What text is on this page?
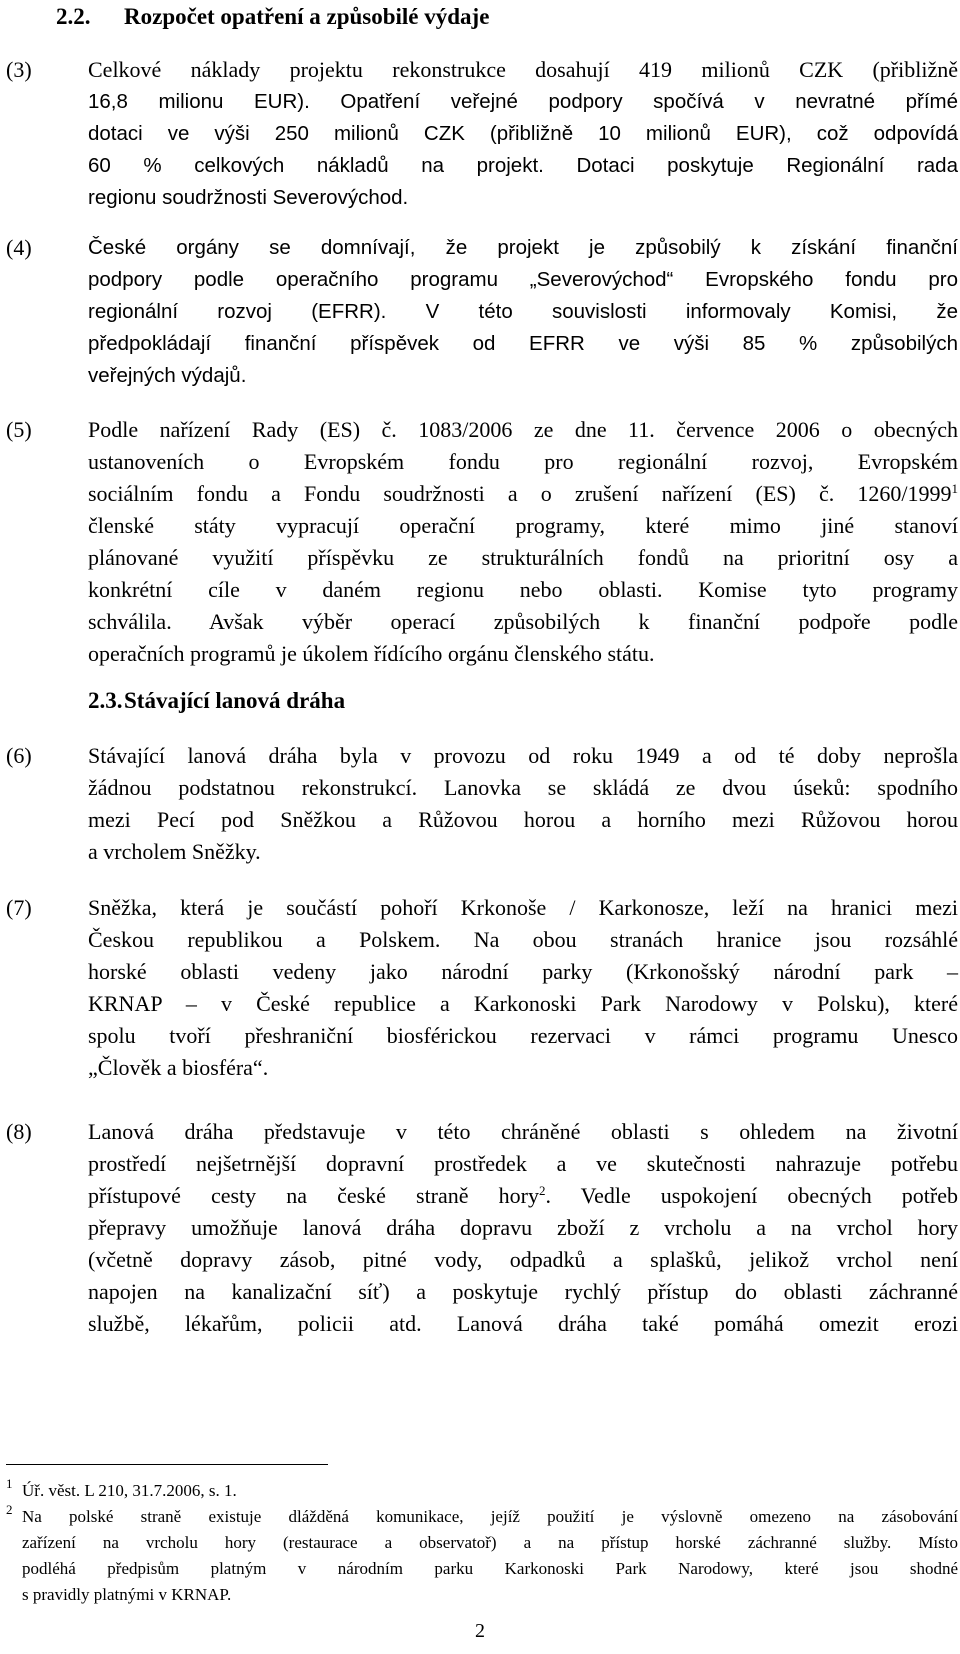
2.2. Rozpočet opatření a způsobilé výdaje
(3)	Celkové náklady projektu rekonstrukce dosahují 419 milionů CZK (přibližně
16,8 milionu EUR). Opatření veřejné podpory spočívá v nevratné přímé
dotaci ve výši 250 milionů CZK (přibližně 10 milionů EUR), což odpovídá
60 % celkových nákladů na projekt. Dotaci poskytuje Regionální rada
regionu soudržnosti Severovýchod.
(4)	České orgány se domnívají, že projekt je způsobilý k získání finanční
podpory podle operačního programu „Severovýchod“ Evropského fondu pro
regionální rozvoj (EFRR). V této souvislosti informovaly Komisi, že
předpokládají finanční příspěvek od EFRR ve výši 85 % způsobilých
veřejných výdajů.
(5)	Podle nařízení Rady (ES) č. 1083/2006 ze dne 11. července 2006 o obecných
ustanoveních o Evropském fondu pro regionální rozvoj, Evropském
sociálním fondu a Fondu soudržnosti a o zrušení nařízení (ES) č. 1260/1999$^1$
členské státy vypracují operační programy, které mimo jiné stanoví
plánované využití příspěvku ze strukturálních fondů na prioritní osy a
konkrétní cíle v daném regionu nebo oblasti. Komise tyto programy
schválila. Avšak výběr operací způsobilých k finanční podpoře podle
operačních programů je úkolem řídícího orgánu členského státu.
2.3.Stávající lanová dráha
(6)	Stávající lanová dráha byla v provozu od roku 1949 a od té doby neprošla
žádnou podstatnou rekonstrukcí. Lanovka se skládá ze dvou úseků: spodního
mezi Pecí pod Sněžkou a Růžovou horou a horního mezi Růžovou horou
a vrcholem Sněžky.
(7)	Sněžka, která je součástí pohoří Krkonoše / Karkonosze, leží na hranici mezi
Českou republikou a Polskem. Na obou stranách hranice jsou rozsáhlé
horské oblasti vedeny jako národní parky (Krkonošský národní park –
KRNAP – v České republice a Karkonoski Park Narodowy v Polsku), které
spolu tvoří přeshraniční biosférickou rezervaci v rámci programu Unesco
„Člověk a biosféra“.
(8)	Lanová dráha představuje v této chráněné oblasti s ohledem na životní
prostředí nejšetrnější dopravní prostředek a ve skutečnosti nahrazuje potřebu
přístupové cesty na české straně hory$^2$. Vedle uspokojení obecných potřeb
přepravy umožňuje lanová dráha dopravu zboží z vrcholu a na vrchol hory
(včetně dopravy zásob, pitné vody, odpadků a splašků, jelikož vrchol není
napojen na kanalizační síť) a poskytuje rychlý přístup do oblasti záchranné
službě, lékařům, policii atd. Lanová dráha také pomáhá omezit erozi
1 Úř. věst. L 210, 31.7.2006, s. 1.
2 Na polské straně existuje dlážděná komunikace, jejíž použití je výslovně omezeno na zásobování
zařízení na vrcholu hory (restaurace a observatoř) a na přístup horské záchranné služby. Místo
podléhá předpisům platným v národním parku Karkonoski Park Narodowy, které jsou shodné
s pravidly platnými v KRNAP.
2
